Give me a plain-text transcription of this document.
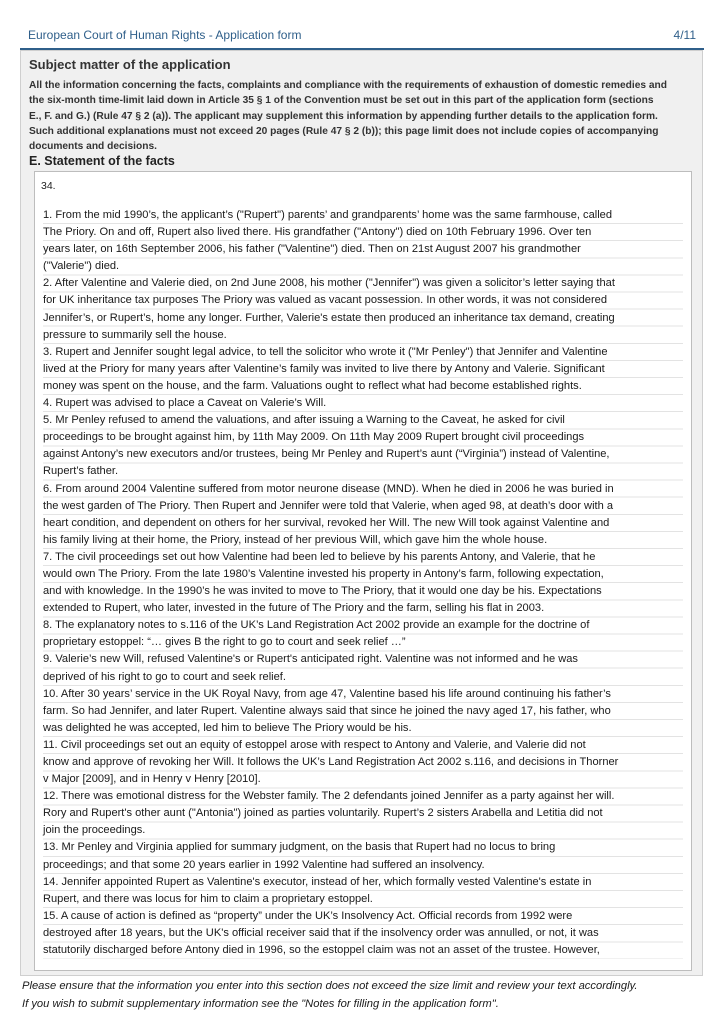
European Court of Human Rights - Application form	4/11
Subject matter of the application
All the information concerning the facts, complaints and compliance with the requirements of exhaustion of domestic remedies and
the six-month time-limit laid down in Article 35 § 1 of the Convention must be set out in this part of the application form (sections
E., F. and G.) (Rule 47 § 2 (a)). The applicant may supplement this information by appending further details to the application form.
Such additional explanations must not exceed 20 pages (Rule 47 § 2 (b)); this page limit does not include copies of accompanying
documents and decisions.
E. Statement of the facts
34.
1. From the mid 1990’s, the applicant’s ("Rupert") parents’ and grandparents’ home was the same farmhouse, called
The Priory. On and off, Rupert also lived there. His grandfather ("Antony") died on 10th February 1996. Over ten
years later, on 16th September 2006, his father ("Valentine") died. Then on 21st August 2007 his grandmother
("Valerie") died.
2. After Valentine and Valerie died, on 2nd June 2008, his mother ("Jennifer") was given a solicitor’s letter saying that
for UK inheritance tax purposes The Priory was valued as vacant possession. In other words, it was not considered
Jennifer’s, or Rupert’s, home any longer. Further, Valerie's estate then produced an inheritance tax demand, creating
pressure to summarily sell the house.
3. Rupert and Jennifer sought legal advice, to tell the solicitor who wrote it ("Mr Penley") that Jennifer and Valentine
lived at the Priory for many years after Valentine’s family was invited to live there by Antony and Valerie. Significant
money was spent on the house, and the farm. Valuations ought to reflect what had become established rights.
4. Rupert was advised to place a Caveat on Valerie’s Will.
5. Mr Penley refused to amend the valuations, and after issuing a Warning to the Caveat, he asked for civil
proceedings to be brought against him, by 11th May 2009. On 11th May 2009 Rupert brought civil proceedings
against Antony’s new executors and/or trustees, being Mr Penley and Rupert’s aunt (“Virginia”) instead of Valentine,
Rupert’s father.
6. From around 2004 Valentine suffered from motor neurone disease (MND). When he died in 2006 he was buried in
the west garden of The Priory. Then Rupert and Jennifer were told that Valerie, when aged 98, at death’s door with a
heart condition, and dependent on others for her survival, revoked her Will. The new Will took against Valentine and
his family living at their home, the Priory, instead of her previous Will, which gave him the whole house.
7. The civil proceedings set out how Valentine had been led to believe by his parents Antony, and Valerie, that he
would own The Priory. From the late 1980’s Valentine invested his property in Antony’s farm, following expectation,
and with knowledge. In the 1990’s he was invited to move to The Priory, that it would one day be his. Expectations
extended to Rupert, who later, invested in the future of The Priory and the farm, selling his flat in 2003.
8. The explanatory notes to s.116 of the UK’s Land Registration Act 2002 provide an example for the doctrine of
proprietary estoppel: “… gives B the right to go to court and seek relief …”
9. Valerie’s new Will, refused Valentine's or Rupert's anticipated right. Valentine was not informed and he was
deprived of his right to go to court and seek relief.
10. After 30 years’ service in the UK Royal Navy, from age 47, Valentine based his life around continuing his father’s
farm. So had Jennifer, and later Rupert. Valentine always said that since he joined the navy aged 17, his father, who
was delighted he was accepted, led him to believe The Priory would be his.
11. Civil proceedings set out an equity of estoppel arose with respect to Antony and Valerie, and Valerie did not
know and approve of revoking her Will. It follows the UK’s Land Registration Act 2002 s.116, and decisions in Thorner
v Major [2009], and in Henry v Henry [2010].
12. There was emotional distress for the Webster family. The 2 defendants joined Jennifer as a party against her will.
Rory and Rupert's other aunt ("Antonia") joined as parties voluntarily. Rupert’s 2 sisters Arabella and Letitia did not
join the proceedings.
13. Mr Penley and Virginia applied for summary judgment, on the basis that Rupert had no locus to bring
proceedings; and that some 20 years earlier in 1992 Valentine had suffered an insolvency.
14. Jennifer appointed Rupert as Valentine's executor, instead of her, which formally vested Valentine's estate in
Rupert, and there was locus for him to claim a proprietary estoppel.
15. A cause of action is defined as “property” under the UK’s Insolvency Act. Official records from 1992 were
destroyed after 18 years, but the UK's official receiver said that if the insolvency order was annulled, or not, it was
statutorily discharged before Antony died in 1996, so the estoppel claim was not an asset of the trustee. However,
Please ensure that the information you enter into this section does not exceed the size limit and review your text accordingly.
If you wish to submit supplementary information see the "Notes for filling in the application form".
